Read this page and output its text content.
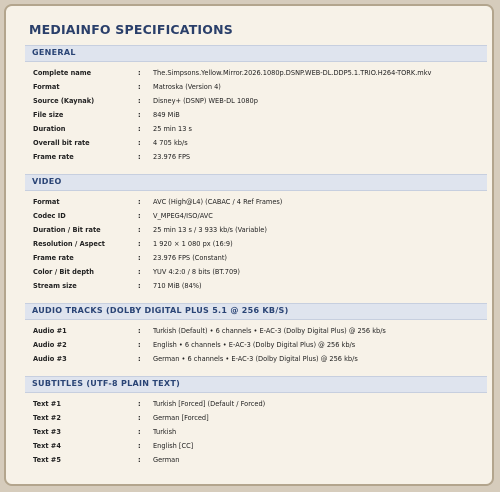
MEDIAINFO SPECIFICATIONS
GENERAL
Complete name	: The.Simpsons.Yellow.Mirror.2026.1080p.DSNP.WEB-DL.DDP5.1.TRIO.H264-TORK.mkv
Format	: Matroska (Version 4)
Source (Kaynak)	: Disney+ (DSNP) WEB-DL 1080p
File size	: 849 MiB
Duration	: 25 min 13 s
Overall bit rate	: 4 705 kb/s
Frame rate	: 23.976 FPS
VIDEO
Format	: AVC (High@L4) (CABAC / 4 Ref Frames)
Codec ID	: V_MPEG4/ISO/AVC
Duration / Bit rate	: 25 min 13 s / 3 933 kb/s (Variable)
Resolution / Aspect	: 1 920 × 1 080 px (16:9)
Frame rate	: 23.976 FPS (Constant)
Color / Bit depth	: YUV 4:2:0 / 8 bits (BT.709)
Stream size	: 710 MiB (84%)
AUDIO TRACKS (DOLBY DIGITAL PLUS 5.1 @ 256 KB/S)
Audio #1	: Turkish (Default) • 6 channels • E-AC-3 (Dolby Digital Plus) @ 256 kb/s
Audio #2	: English • 6 channels • E-AC-3 (Dolby Digital Plus) @ 256 kb/s
Audio #3	: German • 6 channels • E-AC-3 (Dolby Digital Plus) @ 256 kb/s
SUBTITLES (UTF-8 PLAIN TEXT)
Text #1	: Turkish [Forced] (Default / Forced)
Text #2	: German [Forced]
Text #3	: Turkish
Text #4	: English [CC]
Text #5	: German
